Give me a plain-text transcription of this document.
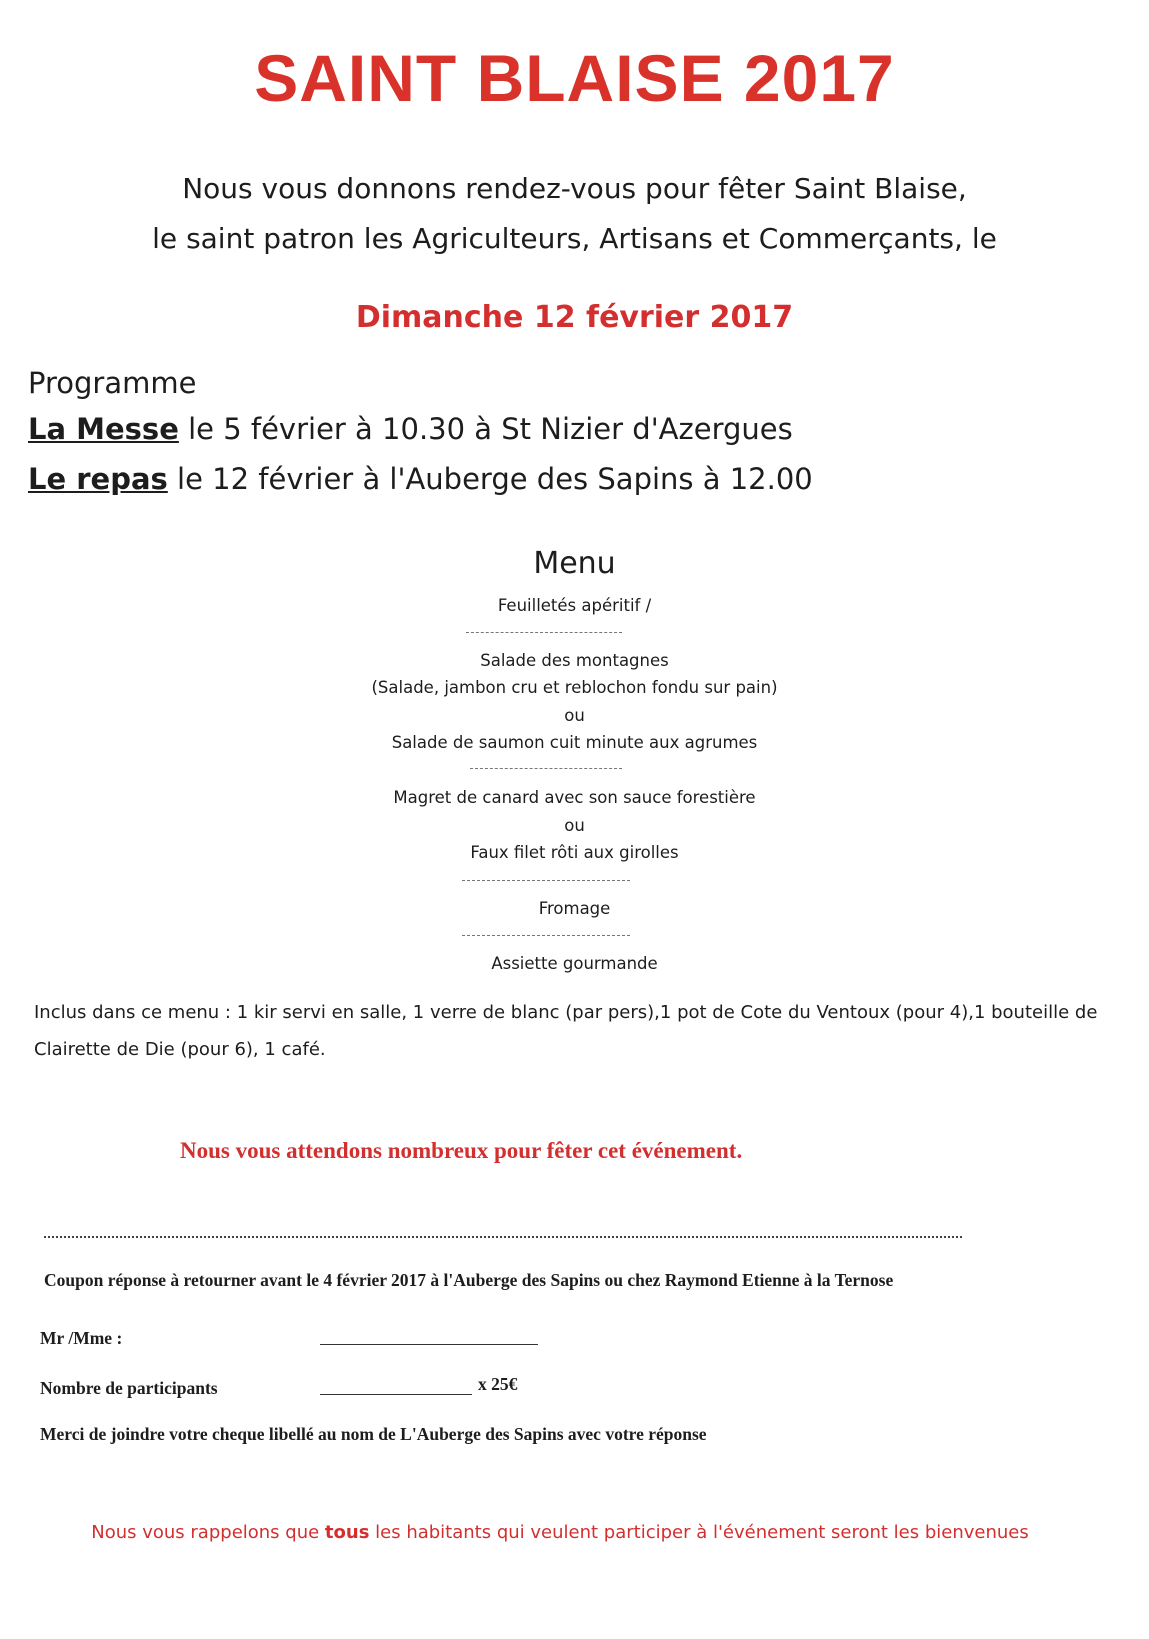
SAINT BLAISE 2017
Nous vous donnons rendez-vous pour fêter Saint Blaise,
le saint patron les Agriculteurs, Artisans et Commerçants, le
Dimanche 12 février 2017
Programme
La Messe le 5 février à 10.30 à St Nizier d'Azergues
Le repas le 12 février à l'Auberge des Sapins à 12.00
Menu
Feuilletés apéritif /
Salade des montagnes
(Salade, jambon cru et reblochon fondu sur pain)
ou
Salade de saumon cuit minute aux agrumes
Magret de canard avec son sauce forestière
ou
Faux filet rôti aux girolles
Fromage
Assiette gourmande
Inclus dans ce menu : 1 kir servi en salle, 1 verre de blanc (par pers),1 pot de Cote du Ventoux (pour 4),1 bouteille de Clairette de Die (pour 6), 1 café.
Nous vous attendons nombreux pour fêter cet événement.
Coupon réponse à retourner avant le 4 février 2017 à l'Auberge des Sapins ou chez Raymond Etienne à la Ternose
Mr /Mme :
Nombre de participants	x 25€
Merci de joindre votre cheque libellé au nom de L'Auberge des Sapins avec votre réponse
Nous vous rappelons que tous les habitants qui veulent participer à l'événement seront les bienvenues
